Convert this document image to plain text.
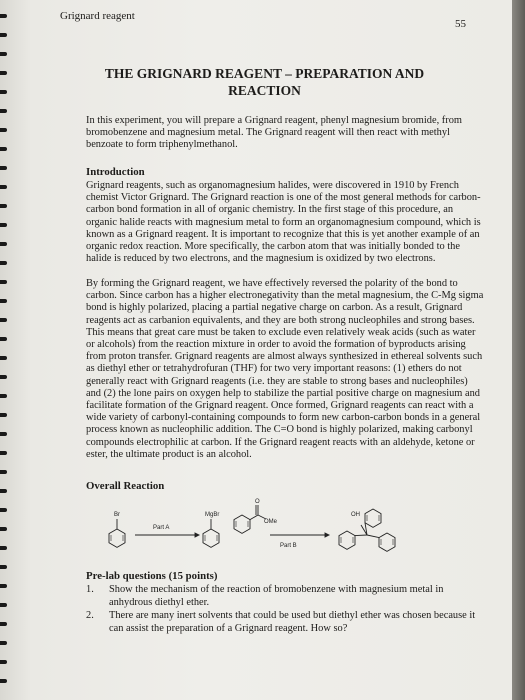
Grignard reagent
55
THE GRIGNARD REAGENT – PREPARATION AND REACTION

In this experiment, you will prepare a Grignard reagent, phenyl magnesium bromide, from bromobenzene and magnesium metal. The Grignard reagent will then react with methyl benzoate to form triphenylmethanol.

Introduction

Grignard reagents, such as organomagnesium halides, were discovered in 1910 by French chemist Victor Grignard. The Grignard reaction is one of the most general methods for carbon-carbon bond formation in all of organic chemistry. In the first stage of this procedure, an organic halide reacts with magnesium metal to form an organomagnesium compound, which is known as a Grignard reagent. It is important to recognize that this is yet another example of an organic redox reaction. More specifically, the carbon atom that was initially bonded to the halide is reduced by two electrons, and the magnesium is oxidized by two electrons.

By forming the Grignard reagent, we have effectively reversed the polarity of the bond to carbon. Since carbon has a higher electronegativity than the metal magnesium, the C-Mg sigma bond is highly polarized, placing a partial negative charge on carbon. As a result, Grignard reagents act as carbanion equivalents, and they are both strong nucleophiles and strong bases. This means that great care must be taken to exclude even relatively weak acids (such as water or alcohols) from the reaction mixture in order to avoid the formation of byproducts arising from proton transfer. Grignard reagents are almost always synthesized in ethereal solvents such as diethyl ether or tetrahydrofuran (THF) for two very important reasons: (1) ethers do not generally react with Grignard reagents (i.e. they are stable to strong bases and nucleophiles) and (2) the lone pairs on oxygen help to stabilize the partial positive charge on magnesium and facilitate formation of the Grignard reagent. Once formed, Grignard reagents can react with a wide variety of carbonyl-containing compounds to form new carbon-carbon bonds in a general process known as nucleophilic addition. The C=O bond is highly polarized, making carbonyl compounds electrophilic at carbon. If the Grignard reagent reacts with an aldehyde, ketone or ester, the ultimate product is an alcohol.

Overall Reaction
Br
Part A
MgBr
O
OMe
Part B
OH
Pre-lab questions (15 points)
1. Show the mechanism of the reaction of bromobenzene with magnesium metal in anhydrous diethyl ether.
2. There are many inert solvents that could be used but diethyl ether was chosen because it can assist the preparation of a Grignard reagent. How so?
